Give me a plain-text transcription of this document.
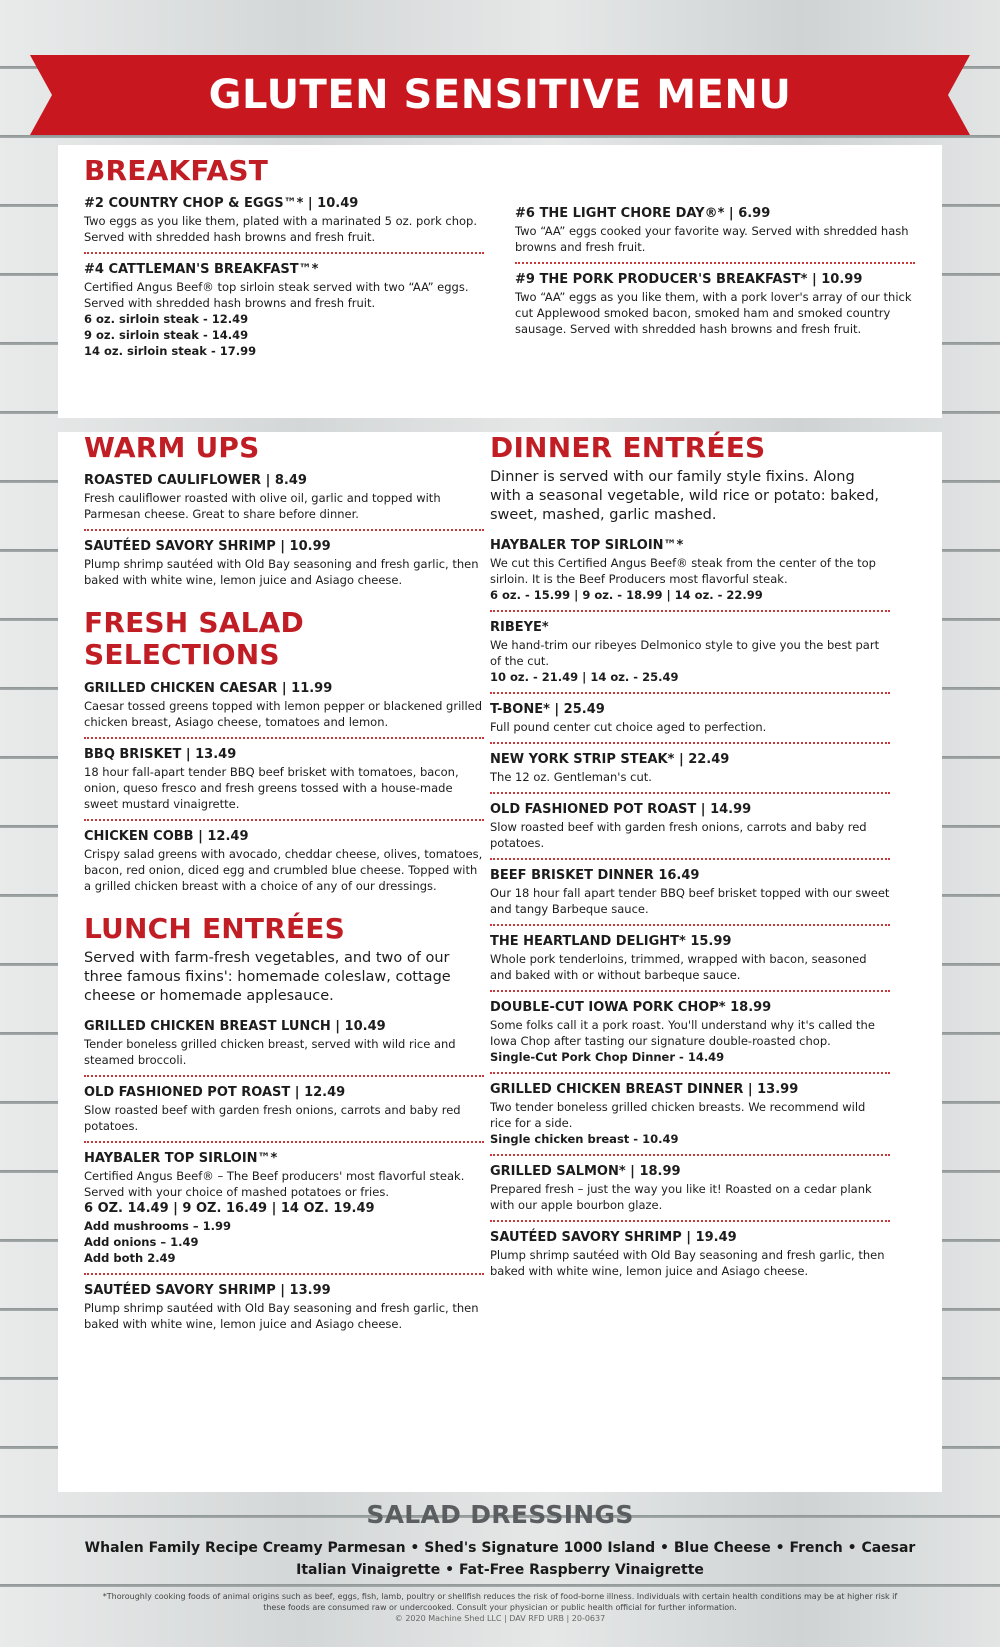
GLUTEN SENSITIVE MENU
BREAKFAST
#2 COUNTRY CHOP & EGGS™* | 10.49
Two eggs as you like them, plated with a marinated 5 oz. pork chop. Served with shredded hash browns and fresh fruit.
#4 CATTLEMAN'S BREAKFAST™*
Certified Angus Beef® top sirloin steak served with two “AA” eggs. Served with shredded hash browns and fresh fruit.
6 oz. sirloin steak - 12.49
9 oz. sirloin steak - 14.49
14 oz. sirloin steak - 17.99
#6 THE LIGHT CHORE DAY®* | 6.99
Two “AA” eggs cooked your favorite way. Served with shredded hash browns and fresh fruit.
#9 THE PORK PRODUCER'S BREAKFAST* | 10.99
Two “AA” eggs as you like them, with a pork lover's array of our thick cut Applewood smoked bacon, smoked ham and smoked country sausage. Served with shredded hash browns and fresh fruit.
WARM UPS
ROASTED CAULIFLOWER | 8.49
Fresh cauliflower roasted with olive oil, garlic and topped with Parmesan cheese. Great to share before dinner.
SAUTÉED SAVORY SHRIMP | 10.99
Plump shrimp sautéed with Old Bay seasoning and fresh garlic, then baked with white wine, lemon juice and Asiago cheese.
FRESH SALAD SELECTIONS
GRILLED CHICKEN CAESAR | 11.99
Caesar tossed greens topped with lemon pepper or blackened grilled chicken breast, Asiago cheese, tomatoes and lemon.
BBQ BRISKET | 13.49
18 hour fall-apart tender BBQ beef brisket with tomatoes, bacon, onion, queso fresco and fresh greens tossed with a house-made sweet mustard vinaigrette.
CHICKEN COBB | 12.49
Crispy salad greens with avocado, cheddar cheese, olives, tomatoes, bacon, red onion, diced egg and crumbled blue cheese. Topped with a grilled chicken breast with a choice of any of our dressings.
LUNCH ENTRÉES
Served with farm-fresh vegetables, and two of our three famous fixins': homemade coleslaw, cottage cheese or homemade applesauce.
GRILLED CHICKEN BREAST LUNCH | 10.49
Tender boneless grilled chicken breast, served with wild rice and steamed broccoli.
OLD FASHIONED POT ROAST | 12.49
Slow roasted beef with garden fresh onions, carrots and baby red potatoes.
HAYBALER TOP SIRLOIN™*
Certified Angus Beef® – The Beef producers' most flavorful steak. Served with your choice of mashed potatoes or fries.
6 OZ. 14.49 | 9 OZ. 16.49 | 14 OZ. 19.49
Add mushrooms – 1.99
Add onions – 1.49
Add both 2.49
SAUTÉED SAVORY SHRIMP | 13.99
Plump shrimp sautéed with Old Bay seasoning and fresh garlic, then baked with white wine, lemon juice and Asiago cheese.
DINNER ENTRÉES
Dinner is served with our family style fixins. Along with a seasonal vegetable, wild rice or potato: baked, sweet, mashed, garlic mashed.
HAYBALER TOP SIRLOIN™*
We cut this Certified Angus Beef® steak from the center of the top sirloin. It is the Beef Producers most flavorful steak.
6 oz. - 15.99 | 9 oz. - 18.99 | 14 oz. - 22.99
RIBEYE*
We hand-trim our ribeyes Delmonico style to give you the best part of the cut.
10 oz. - 21.49 | 14 oz. - 25.49
T-BONE* | 25.49
Full pound center cut choice aged to perfection.
NEW YORK STRIP STEAK* | 22.49
The 12 oz. Gentleman's cut.
OLD FASHIONED POT ROAST | 14.99
Slow roasted beef with garden fresh onions, carrots and baby red potatoes.
BEEF BRISKET DINNER 16.49
Our 18 hour fall apart tender BBQ beef brisket topped with our sweet and tangy Barbeque sauce.
THE HEARTLAND DELIGHT* 15.99
Whole pork tenderloins, trimmed, wrapped with bacon, seasoned and baked with or without barbeque sauce.
DOUBLE-CUT IOWA PORK CHOP* 18.99
Some folks call it a pork roast. You'll understand why it's called the Iowa Chop after tasting our signature double-roasted chop.
Single-Cut Pork Chop Dinner - 14.49
GRILLED CHICKEN BREAST DINNER | 13.99
Two tender boneless grilled chicken breasts. We recommend wild rice for a side.
Single chicken breast - 10.49
GRILLED SALMON* | 18.99
Prepared fresh – just the way you like it! Roasted on a cedar plank with our apple bourbon glaze.
SAUTÉED SAVORY SHRIMP | 19.49
Plump shrimp sautéed with Old Bay seasoning and fresh garlic, then baked with white wine, lemon juice and Asiago cheese.
SALAD DRESSINGS
Whalen Family Recipe Creamy Parmesan • Shed's Signature 1000 Island • Blue Cheese • French • Caesar
Italian Vinaigrette • Fat-Free Raspberry Vinaigrette
*Thoroughly cooking foods of animal origins such as beef, eggs, fish, lamb, poultry or shellfish reduces the risk of food-borne illness. Individuals with certain health conditions may be at higher risk if these foods are consumed raw or undercooked. Consult your physician or public health official for further information.
© 2020 Machine Shed LLC | DAV RFD URB | 20-0637
